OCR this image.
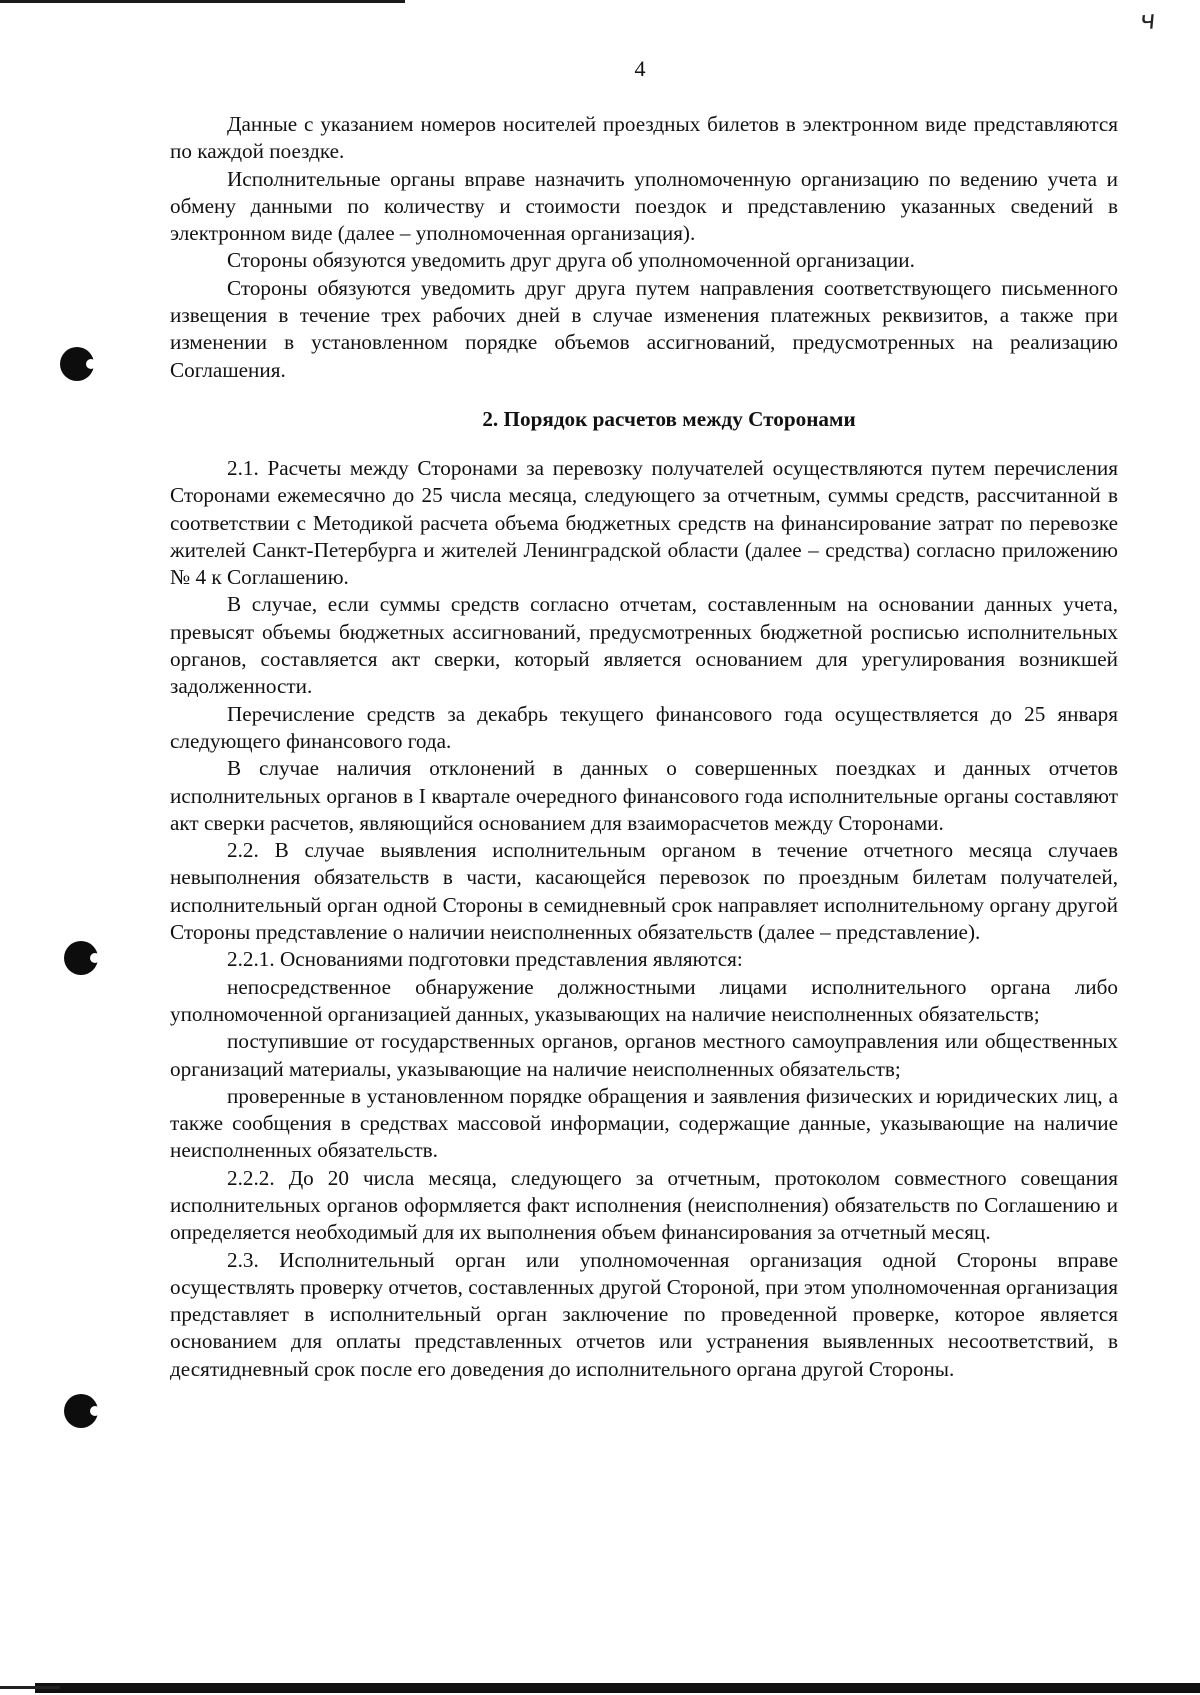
ч
4

Данные с указанием номеров носителей проездных билетов в электронном виде представляются по каждой поездке.

Исполнительные органы вправе назначить уполномоченную организацию по ведению учета и обмену данными по количеству и стоимости поездок и представлению указанных сведений в электронном виде (далее – уполномоченная организация).

Стороны обязуются уведомить друг друга об уполномоченной организации.

Стороны обязуются уведомить друг друга путем направления соответствующего письменного извещения в течение трех рабочих дней в случае изменения платежных реквизитов, а также при изменении в установленном порядке объемов ассигнований, предусмотренных на реализацию Соглашения.

2. Порядок расчетов между Сторонами

2.1. Расчеты между Сторонами за перевозку получателей осуществляются путем перечисления Сторонами ежемесячно до 25 числа месяца, следующего за отчетным, суммы средств, рассчитанной в соответствии с Методикой расчета объема бюджетных средств на финансирование затрат по перевозке жителей Санкт-Петербурга и жителей Ленинградской области (далее – средства) согласно приложению № 4 к Соглашению.

В случае, если суммы средств согласно отчетам, составленным на основании данных учета, превысят объемы бюджетных ассигнований, предусмотренных бюджетной росписью исполнительных органов, составляется акт сверки, который является основанием для урегулирования возникшей задолженности.

Перечисление средств за декабрь текущего финансового года осуществляется до 25 января следующего финансового года.

В случае наличия отклонений в данных о совершенных поездках и данных отчетов исполнительных органов в I квартале очередного финансового года исполнительные органы составляют акт сверки расчетов, являющийся основанием для взаиморасчетов между Сторонами.

2.2. В случае выявления исполнительным органом в течение отчетного месяца случаев невыполнения обязательств в части, касающейся перевозок по проездным билетам получателей, исполнительный орган одной Стороны в семидневный срок направляет исполнительному органу другой Стороны представление о наличии неисполненных обязательств (далее – представление).

2.2.1. Основаниями подготовки представления являются:

непосредственное обнаружение должностными лицами исполнительного органа либо уполномоченной организацией данных, указывающих на наличие неисполненных обязательств;

поступившие от государственных органов, органов местного самоуправления или общественных организаций материалы, указывающие на наличие неисполненных обязательств;

проверенные в установленном порядке обращения и заявления физических и юридических лиц, а также сообщения в средствах массовой информации, содержащие данные, указывающие на наличие неисполненных обязательств.

2.2.2. До 20 числа месяца, следующего за отчетным, протоколом совместного совещания исполнительных органов оформляется факт исполнения (неисполнения) обязательств по Соглашению и определяется необходимый для их выполнения объем финансирования за отчетный месяц.

2.3. Исполнительный орган или уполномоченная организация одной Стороны вправе осуществлять проверку отчетов, составленных другой Стороной, при этом уполномоченная организация представляет в исполнительный орган заключение по проведенной проверке, которое является основанием для оплаты представленных отчетов или устранения выявленных несоответствий, в десятидневный срок после его доведения до исполнительного органа другой Стороны.
